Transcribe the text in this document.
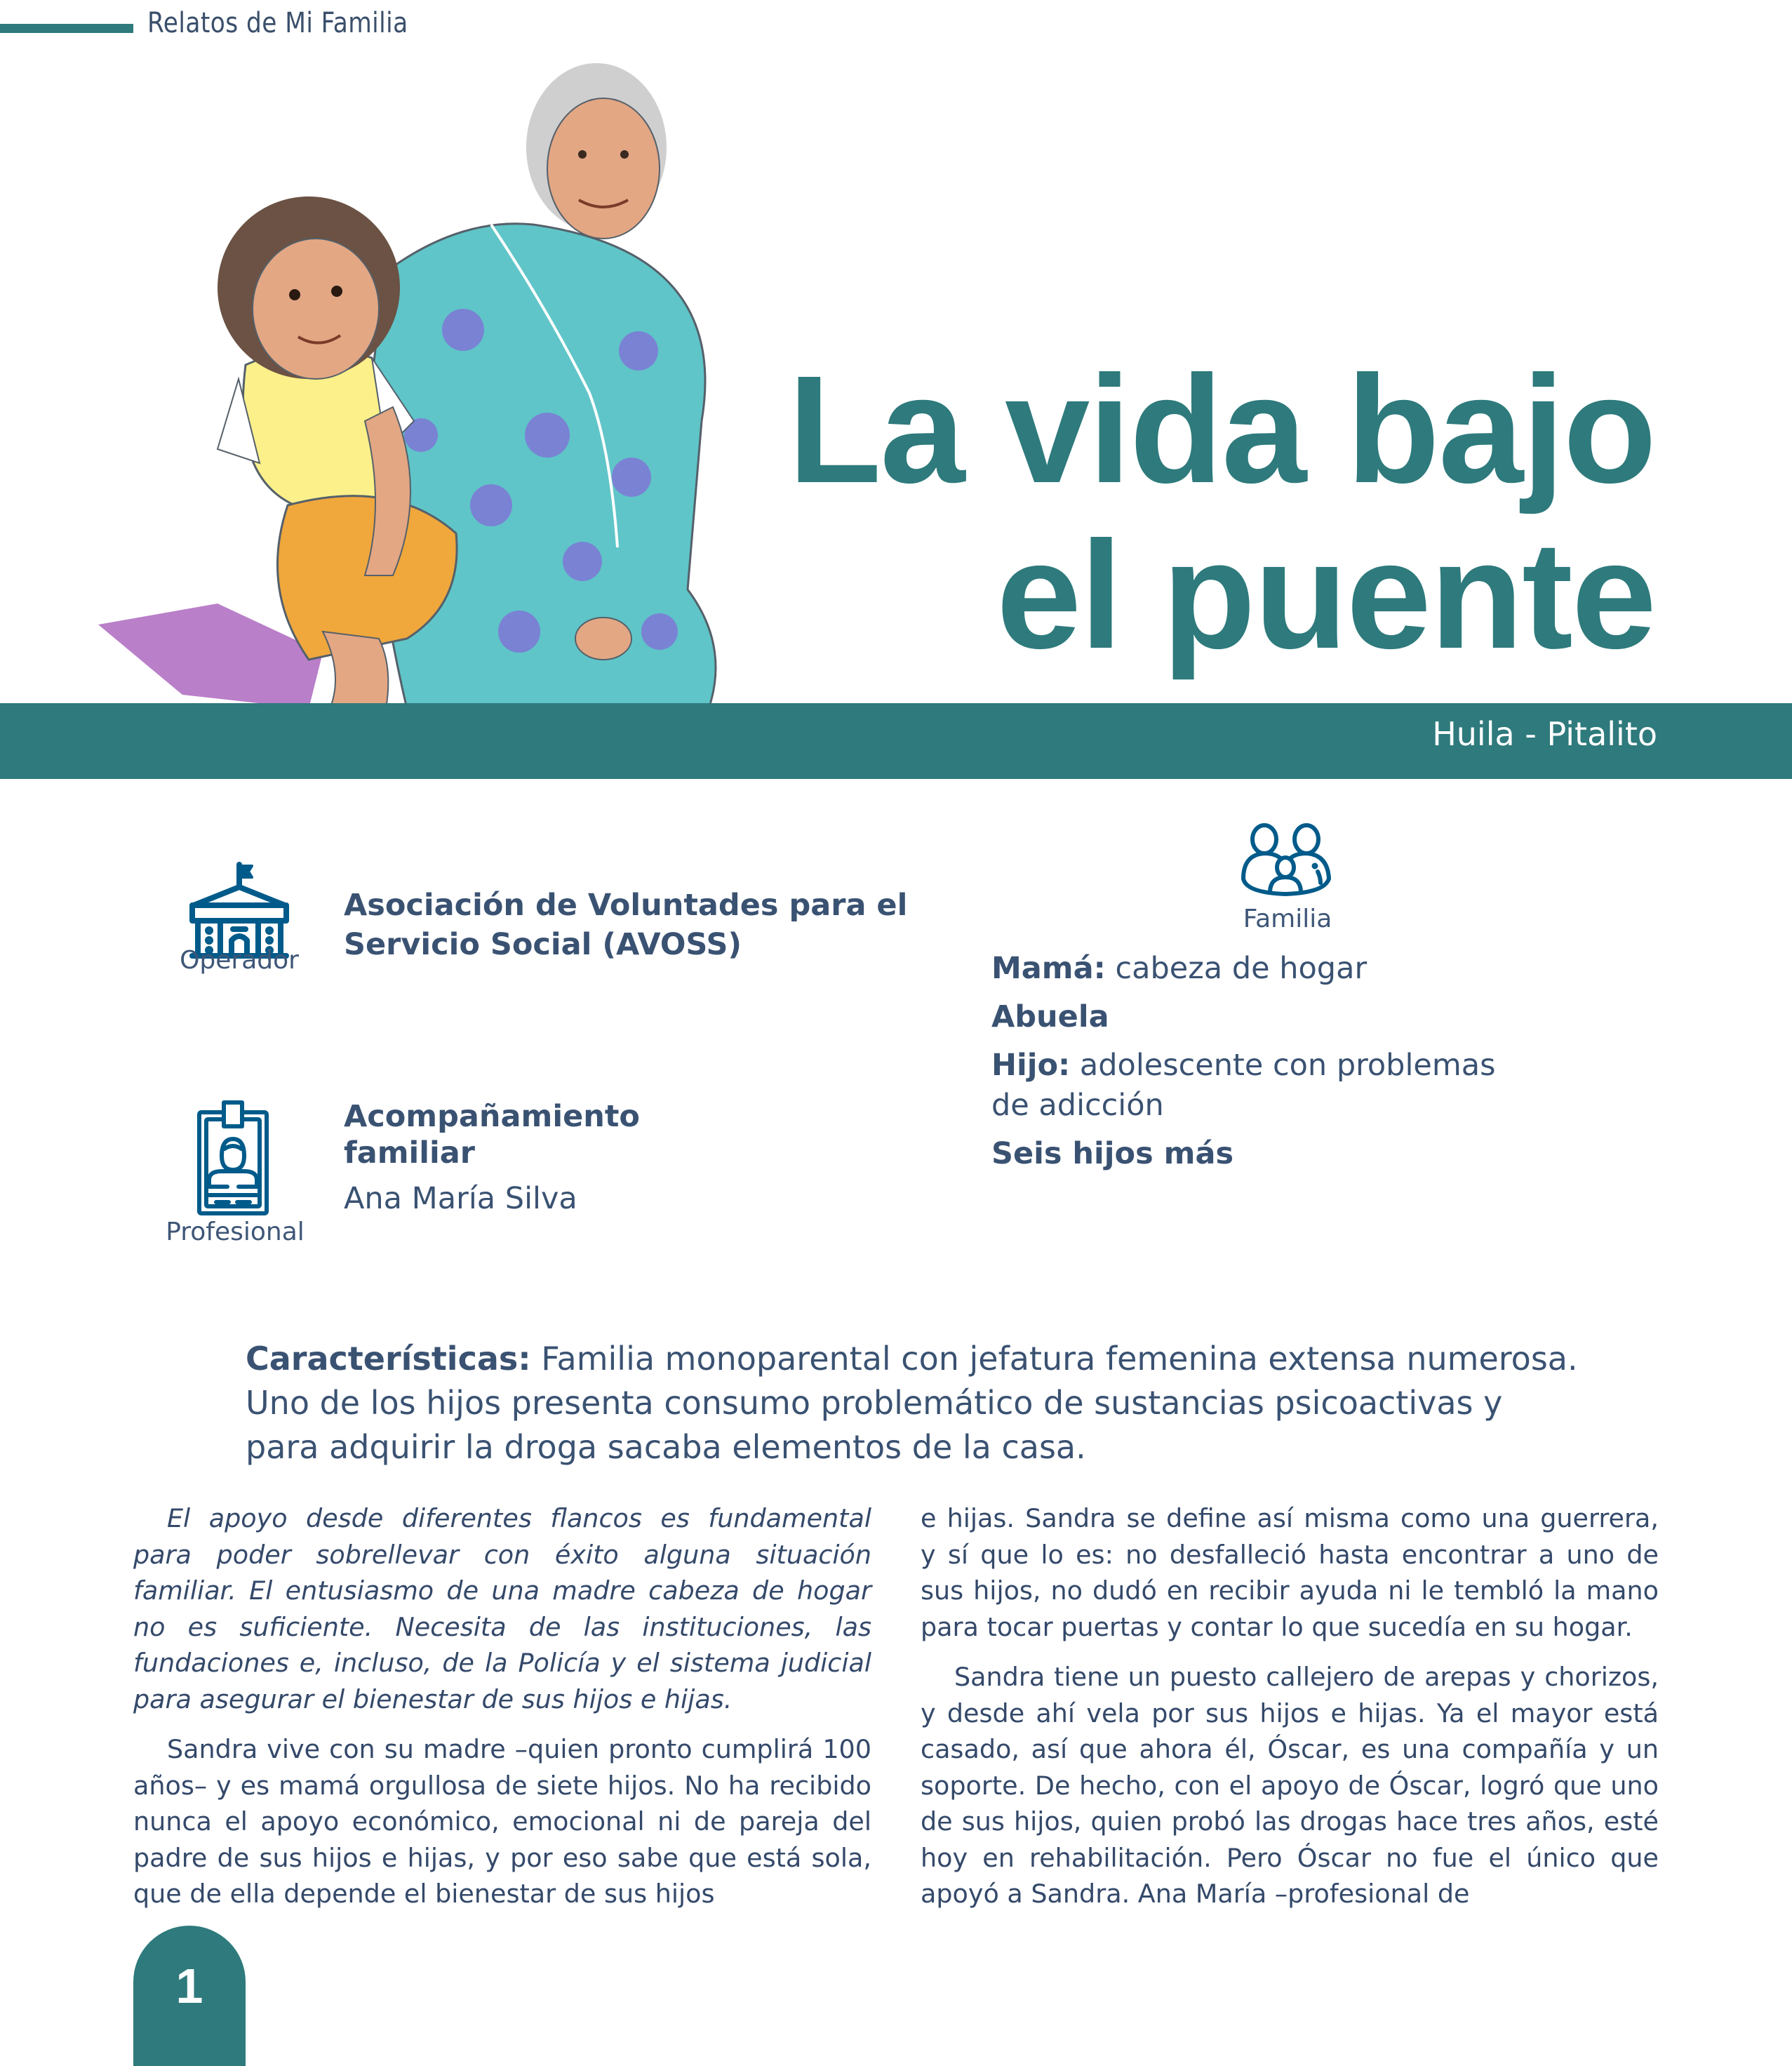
Relatos de Mi Familia
La vida bajo
el puente
Huila - Pitalito
Operador
Asociación de Voluntades para el Servicio Social (AVOSS)
Profesional
Acompañamiento familiar
Ana María Silva
Familia
Mamá: cabeza de hogar
Abuela
Hijo: adolescente con problemas de adicción
Seis hijos más
Características: Familia monoparental con jefatura femenina extensa numerosa. Uno de los hijos presenta consumo problemático de sustancias psicoactivas y para adquirir la droga sacaba elementos de la casa.

El apoyo desde diferentes flancos es fundamental para poder sobrellevar con éxito alguna situación familiar. El entusiasmo de una madre cabeza de hogar no es suficiente. Necesita de las instituciones, las fundaciones e, incluso, de la Policía y el sistema judicial para asegurar el bienestar de sus hijos e hijas.

Sandra vive con su madre –quien pronto cumplirá 100 años– y es mamá orgullosa de siete hijos. No ha recibido nunca el apoyo económico, emocional ni de pareja del padre de sus hijos e hijas, y por eso sabe que está sola, que de ella depende el bienestar de sus hijos

e hijas. Sandra se define así misma como una guerrera, y sí que lo es: no desfalleció hasta encontrar a uno de sus hijos, no dudó en recibir ayuda ni le tembló la mano para tocar puertas y contar lo que sucedía en su hogar.

Sandra tiene un puesto callejero de arepas y chorizos, y desde ahí vela por sus hijos e hijas. Ya el mayor está casado, así que ahora él, Óscar, es una compañía y un soporte. De hecho, con el apoyo de Óscar, logró que uno de sus hijos, quien probó las drogas hace tres años, esté hoy en rehabilitación. Pero Óscar no fue el único que apoyó a Sandra. Ana María –profesional de

1
